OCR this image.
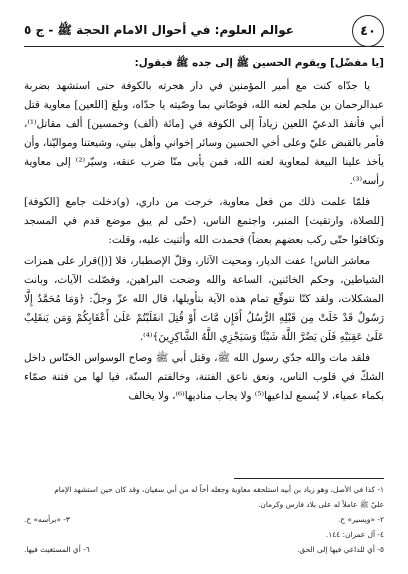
٤٠
عوالم العلوم: في أحوال الامام الحجة ﷺ - ج ٥

[يا مفضّل] ويقوم الحسين ﷺ إلى جده ﷺ فيقول:

يا جدّاه كنت مع أمير المؤمنين في دار هجرته بالكوفة حتى استشهد بضربة عبدالرحمان بن ملجم لعنه الله، فوصّاني بما وصّيته يا جدّاه، وبلغ [اللعين] معاوية قتل أبي فأنفذ الدعيّ اللعين زياداً إلى الكوفة في [مائة (ألف) وخمسين] ألف مقاتل⁽¹⁾، فأمر بالقبض عليّ وعلى أخي الحسين وسائر إخواني وأهل بيتي، وشيعتنا ومواليّنا، وأن يأخذ علينا البيعة لمعاوية لعنه الله، فمن يأبى منّا ضرب عنقه، وسيّر⁽²⁾ إلى معاوية رأسه⁽³⁾.

فلمّا علمت ذلك من فعل معاوية، خرجت من داري، (و)دخلت جامع [الكوفة] [للصلاة، وارتقيت] المنبر، واجتمع الناس، (حتّى لم يبق موضع قدم في المسجد وتكافئوا حتّى ركب بعضهم بعضاً) فحمدت الله وأثنيت عليه، وقلت:

معاشر الناس! عفت الديار، ومحيت الآثار، وقلّ الإصطبار، فلا [(إ)قرار على همزات الشياطين، وحكم الخائنين، الساعة والله وضحت البراهين، وفصّلت الآيات، وبانت المشكلات، ولقد كنّا نتوقّع تمام هذه الآية بتأويلها، قال الله عزّ وجلّ: ﴿وَمَا مُحَمَّدٌ إِلَّا رَسُولٌ قَدْ خَلَتْ مِن قَبْلِهِ الرُّسُلُ أَفَإِن مَّاتَ أَوْ قُتِلَ انقَلَبْتُمْ عَلَىٰ أَعْقَابِكُمْ وَمَن يَنقَلِبْ عَلَىٰ عَقِبَيْهِ فَلَن يَضُرَّ اللَّهَ شَيْئًا وَسَيَجْزِي اللَّهُ الشَّاكِرِينَ﴾⁽⁴⁾.

فلقد مات والله جدّي رسول الله ﷺ، وقتل أبي ﷺ وصاح الوسواس الخنّاس داخل الشكّ في قلوب الناس، ونعق ناعق الفتنة، وخالفتم السنّة، فيا لها من فتنة صمّاء بكماء عمياء، لا يُسمع لداعيها⁽⁵⁾ ولا يجاب مناديها⁽⁶⁾، ولا يخالف

١- كذا في الأصل، وهو زياد بن أبيه استلحقه معاوية وجعله أخاً له من أبي سفيان، وقد كان حين استشهد الإمام
عليّ ﷺ عاملاً له على بلاد فارس وكرمان.
٢- «ويسير» ح.
٣- «برأسه» ح.
٤- آل عمران: ١٤٤.
٥- أي للداعي فيها إلى الحق.
٦- أي المستغيث فيها.
